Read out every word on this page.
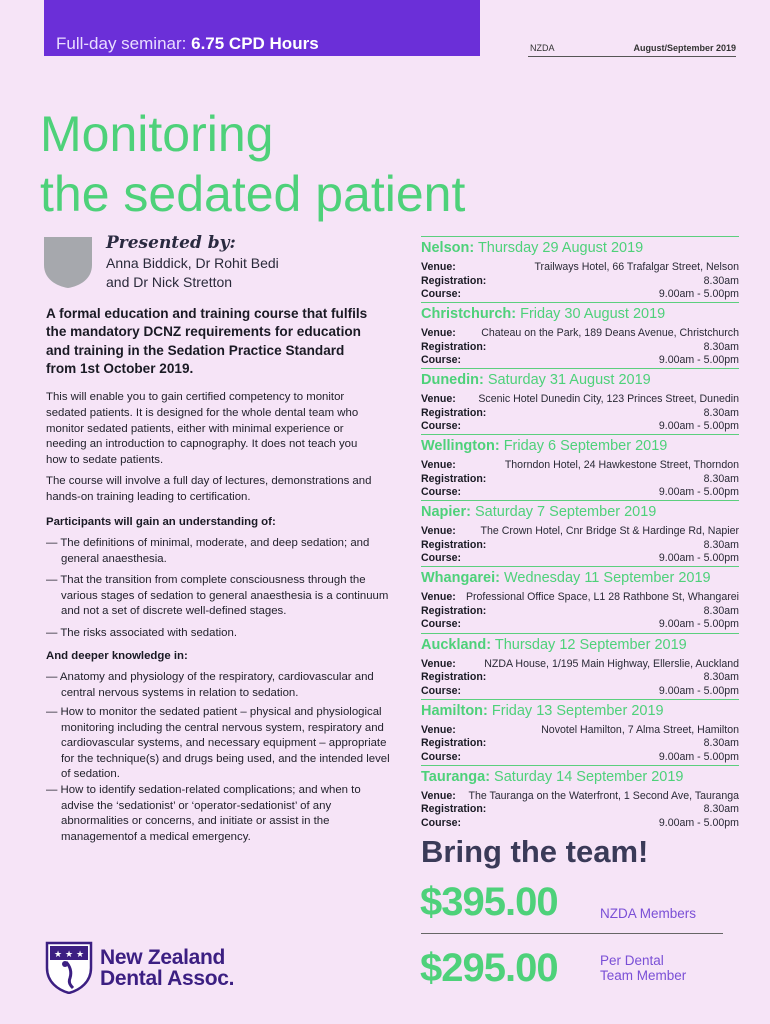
Full-day seminar: 6.75 CPD Hours	NZDA	August/September 2019
Monitoring
the sedated patient
Presented by:
Anna Biddick, Dr Rohit Bedi
and Dr Nick Stretton

A formal education and training course that fulfils the mandatory DCNZ requirements for education and training in the Sedation Practice Standard from 1st October 2019.

This will enable you to gain certified competency to monitor sedated patients. It is designed for the whole dental team who monitor sedated patients, either with minimal experience or needing an introduction to capnography. It does not teach you how to sedate patients.

The course will involve a full day of lectures, demonstrations and hands-on training leading to certification.

Participants will gain an understanding of:

— The definitions of minimal, moderate, and deep sedation; and general anaesthesia.

— That the transition from complete consciousness through the various stages of sedation to general anaesthesia is a continuum and not a set of discrete well-defined stages.

— The risks associated with sedation.

And deeper knowledge in:

— Anatomy and physiology of the respiratory, cardiovascular and central nervous systems in relation to sedation.

— How to monitor the sedated patient – physical and physiological monitoring including the central nervous system, respiratory and cardiovascular systems, and necessary equipment – appropriate for the technique(s) and drugs being used, and the intended level of sedation.

— How to identify sedation-related complications; and when to advise the ‘sedationist’ or ‘operator-sedationist’ of any abnormalities or concerns, and initiate or assist in the managementof a medical emergency.

★ ★ ★ New Zealand
Dental Assoc.
Nelson: Thursday 29 August 2019
Venue:	Trailways Hotel, 66 Trafalgar Street, Nelson
Registration:	8.30am
Course:	9.00am - 5.00pm
Christchurch: Friday 30 August 2019
Venue: Chateau on the Park, 189 Deans Avenue, Christchurch
Registration:	8.30am
Course:	9.00am - 5.00pm
Dunedin: Saturday 31 August 2019
Venue: Scenic Hotel Dunedin City, 123 Princes Street, Dunedin
Registration:	8.30am
Course:	9.00am - 5.00pm
Wellington: Friday 6 September 2019
Venue:	Thorndon Hotel, 24 Hawkestone Street, Thorndon
Registration:	8.30am
Course:	9.00am - 5.00pm
Napier: Saturday 7 September 2019
Venue: The Crown Hotel, Cnr Bridge St & Hardinge Rd, Napier
Registration:	8.30am
Course:	9.00am - 5.00pm
Whangarei: Wednesday 11 September 2019
Venue: Professional Office Space, L1 28 Rathbone St, Whangarei
Registration:	8.30am
Course:	9.00am - 5.00pm
Auckland: Thursday 12 September 2019
Venue:	NZDA House, 1/195 Main Highway, Ellerslie, Auckland
Registration:	8.30am
Course:	9.00am - 5.00pm
Hamilton: Friday 13 September 2019
Venue:	Novotel Hamilton, 7 Alma Street, Hamilton
Registration:	8.30am
Course:	9.00am - 5.00pm
Tauranga: Saturday 14 September 2019
Venue: The Tauranga on the Waterfront, 1 Second Ave, Tauranga
Registration:	8.30am
Course:	9.00am - 5.00pm
Bring the team!
$395.00	NZDA Members
$295.00	Per Dental
Team Member
